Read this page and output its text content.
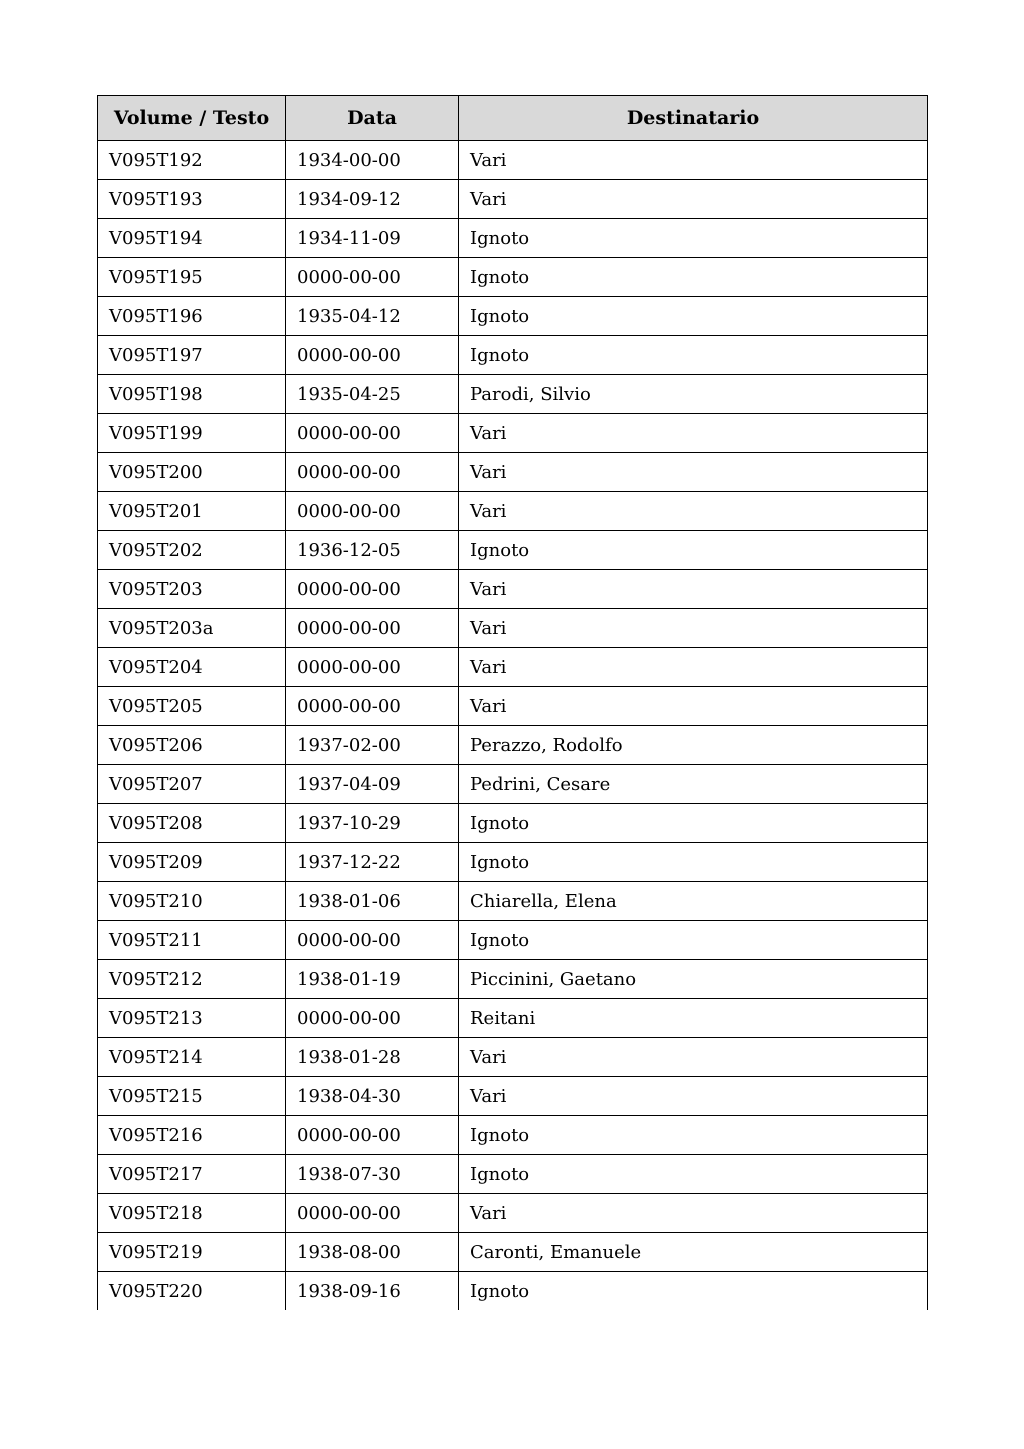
Volume / Testo	Data	Destinatario
V095T192	1934-00-00	Vari
V095T193	1934-09-12	Vari
V095T194	1934-11-09	Ignoto
V095T195	0000-00-00	Ignoto
V095T196	1935-04-12	Ignoto
V095T197	0000-00-00	Ignoto
V095T198	1935-04-25	Parodi, Silvio
V095T199	0000-00-00	Vari
V095T200	0000-00-00	Vari
V095T201	0000-00-00	Vari
V095T202	1936-12-05	Ignoto
V095T203	0000-00-00	Vari
V095T203a	0000-00-00	Vari
V095T204	0000-00-00	Vari
V095T205	0000-00-00	Vari
V095T206	1937-02-00	Perazzo, Rodolfo
V095T207	1937-04-09	Pedrini, Cesare
V095T208	1937-10-29	Ignoto
V095T209	1937-12-22	Ignoto
V095T210	1938-01-06	Chiarella, Elena
V095T211	0000-00-00	Ignoto
V095T212	1938-01-19	Piccinini, Gaetano
V095T213	0000-00-00	Reitani
V095T214	1938-01-28	Vari
V095T215	1938-04-30	Vari
V095T216	0000-00-00	Ignoto
V095T217	1938-07-30	Ignoto
V095T218	0000-00-00	Vari
V095T219	1938-08-00	Caronti, Emanuele
V095T220	1938-09-16	Ignoto
